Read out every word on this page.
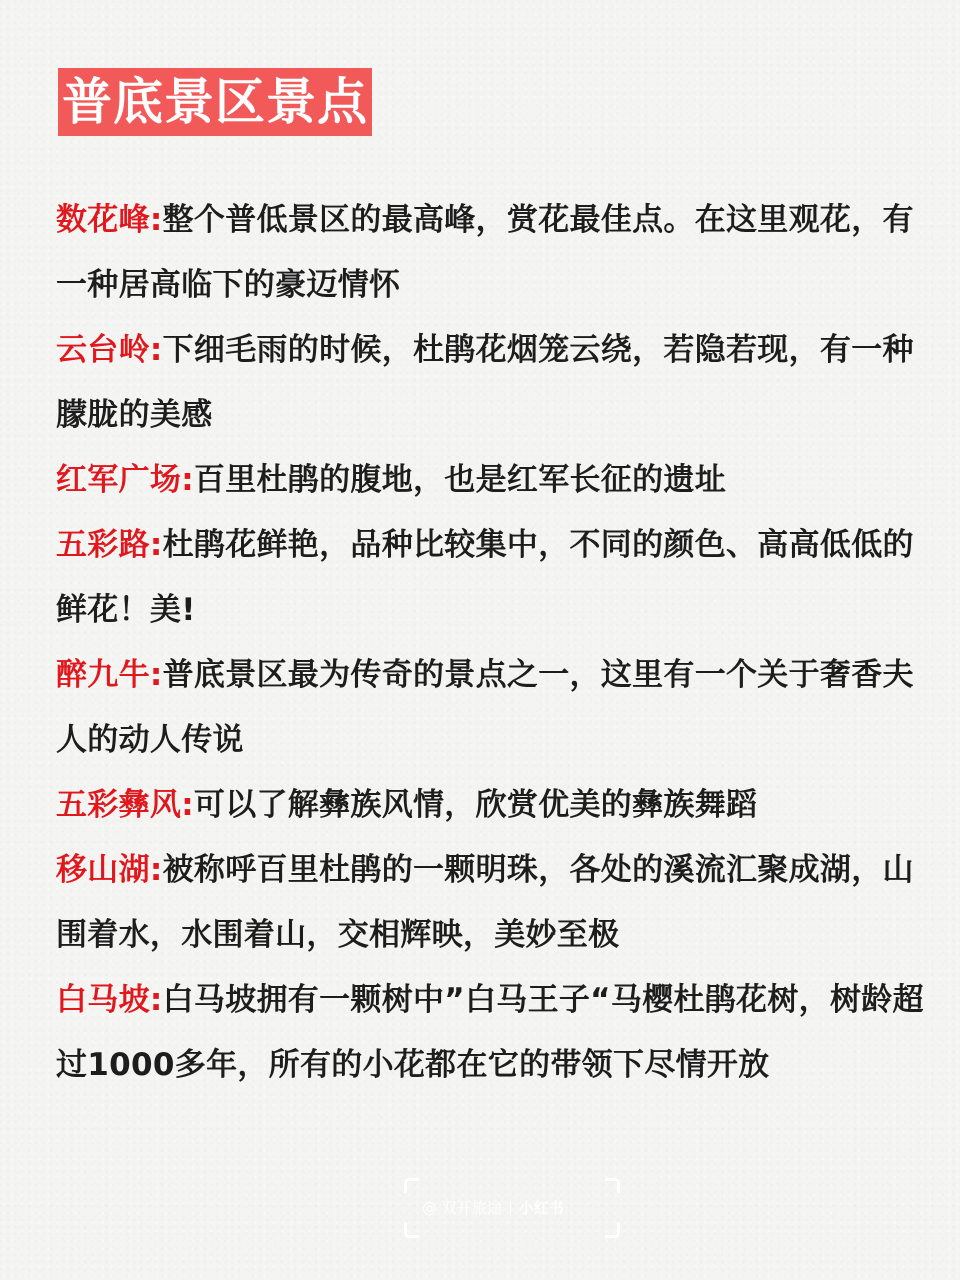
普底景区景点

数花峰:整个普低景区的最高峰，赏花最佳点。在这里观花，有一种居高临下的豪迈情怀

云台岭:下细毛雨的时候，杜鹃花烟笼云绕，若隐若现，有一种朦胧的美感

红军广场:百里杜鹃的腹地，也是红军长征的遗址

五彩路:杜鹃花鲜艳，品种比较集中，不同的颜色、高高低低的鲜花！美!

醉九牛:普底景区最为传奇的景点之一，这里有一个关于奢香夫人的动人传说

五彩彝风:可以了解彝族风情，欣赏优美的彝族舞蹈

移山湖:被称呼百里杜鹃的一颗明珠，各处的溪流汇聚成湖，山围着水，水围着山，交相辉映，美妙至极

白马坡:白马坡拥有一颗树中”白马王子“马樱杜鹃花树，树龄超过1000多年，所有的小花都在它的带领下尽情开放

@ 双开旅途 小红书
